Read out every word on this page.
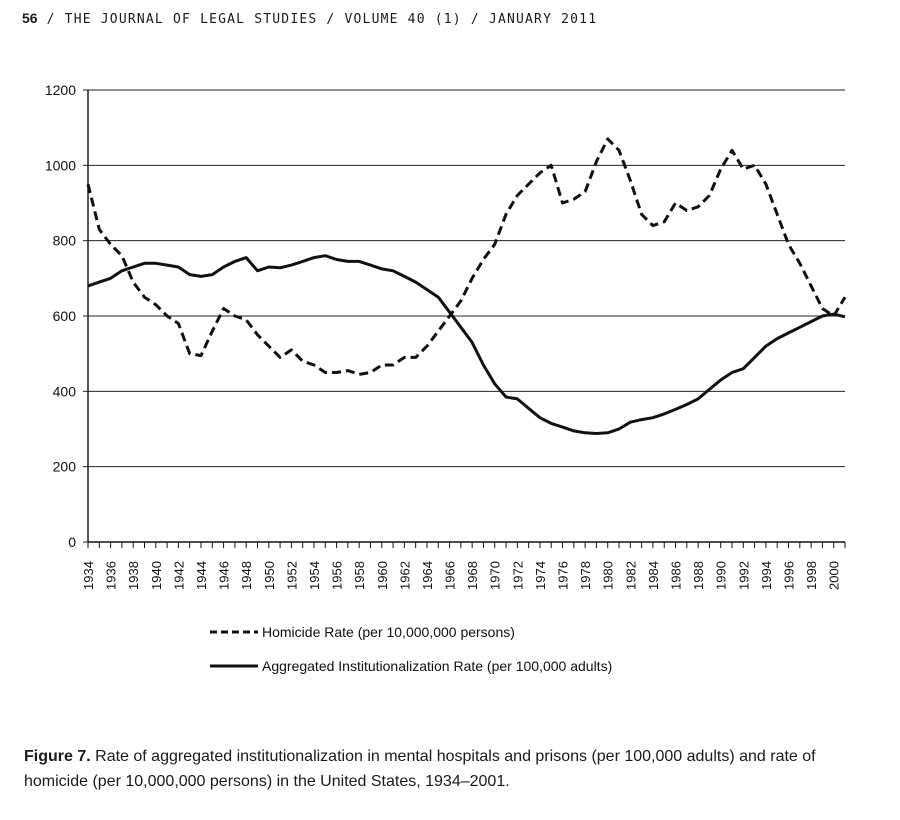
56 / THE JOURNAL OF LEGAL STUDIES / VOLUME 40 (1) / JANUARY 2011
0
200
400
600
800
1000
1200
1934 1936 1938 1940 1942 1944 1946 1948 1950 1952 1954 1956 1958 1960 1962 1964 1966 1968 1970 1972 1974 1976 1978 1980 1982 1984 1986 1988 1990 1992 1994 1996 1998 2000
Homicide Rate (per 10,000,000 persons)
Aggregated Institutionalization Rate (per 100,000 adults)
Figure 7. Rate of aggregated institutionalization in mental hospitals and prisons (per 100,000 adults) and rate of homicide (per 10,000,000 persons) in the United States, 1934–2001.
